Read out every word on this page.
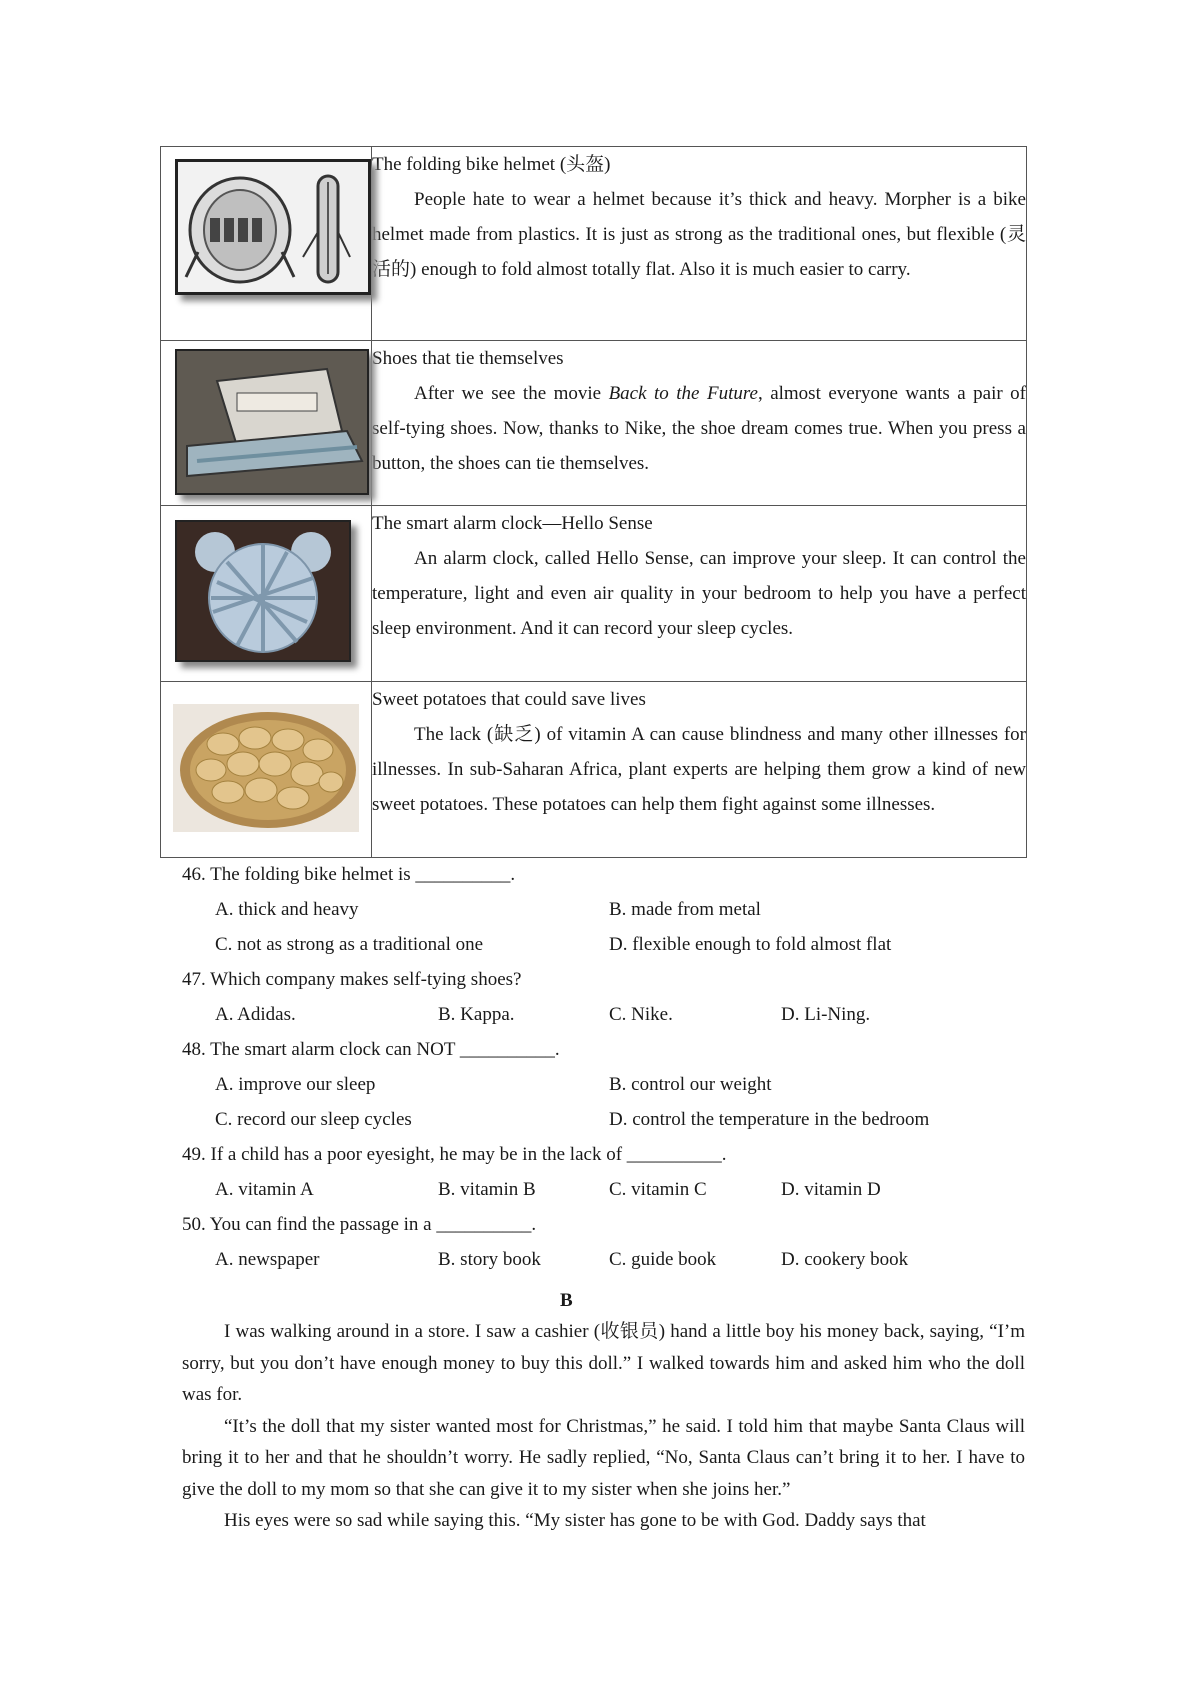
The folding bike helmet (头盔)
People hate to wear a helmet because it’s thick and heavy. Morpher is a bike helmet made from plastics. It is just as strong as the traditional ones, but flexible (灵活的) enough to fold almost totally flat. Also it is much easier to carry.

Shoes that tie themselves
After we see the movie Back to the Future, almost everyone wants a pair of self-tying shoes. Now, thanks to Nike, the shoe dream comes true. When you press a button, the shoes can tie themselves.

The smart alarm clock—Hello Sense
An alarm clock, called Hello Sense, can improve your sleep. It can control the temperature, light and even air quality in your bedroom to help you have a perfect sleep environment. And it can record your sleep cycles.

Sweet potatoes that could save lives
The lack (缺乏) of vitamin A can cause blindness and many other illnesses for illnesses. In sub-Saharan Africa, plant experts are helping them grow a kind of new sweet potatoes. These potatoes can help them fight against some illnesses.
46. The folding bike helmet is __________.
A. thick and heavy	B. made from metal
C. not as strong as a traditional one	D. flexible enough to fold almost flat
47. Which company makes self-tying shoes?
A. Adidas.	B. Kappa.	C. Nike.	D. Li-Ning.
48. The smart alarm clock can NOT __________.
A. improve our sleep	B. control our weight
C. record our sleep cycles	D. control the temperature in the bedroom
49. If a child has a poor eyesight, he may be in the lack of __________.
A. vitamin A	B. vitamin B	C. vitamin C	D. vitamin D
50. You can find the passage in a __________.
A. newspaper	B. story book	C. guide book	D. cookery book
B

I was walking around in a store. I saw a cashier (收银员) hand a little boy his money back, saying, “I’m sorry, but you don’t have enough money to buy this doll.” I walked towards him and asked him who the doll was for.

“It’s the doll that my sister wanted most for Christmas,” he said. I told him that maybe Santa Claus will bring it to her and that he shouldn’t worry. He sadly replied, “No, Santa Claus can’t bring it to her. I have to give the doll to my mom so that she can give it to my sister when she joins her.”

His eyes were so sad while saying this. “My sister has gone to be with God. Daddy says that
